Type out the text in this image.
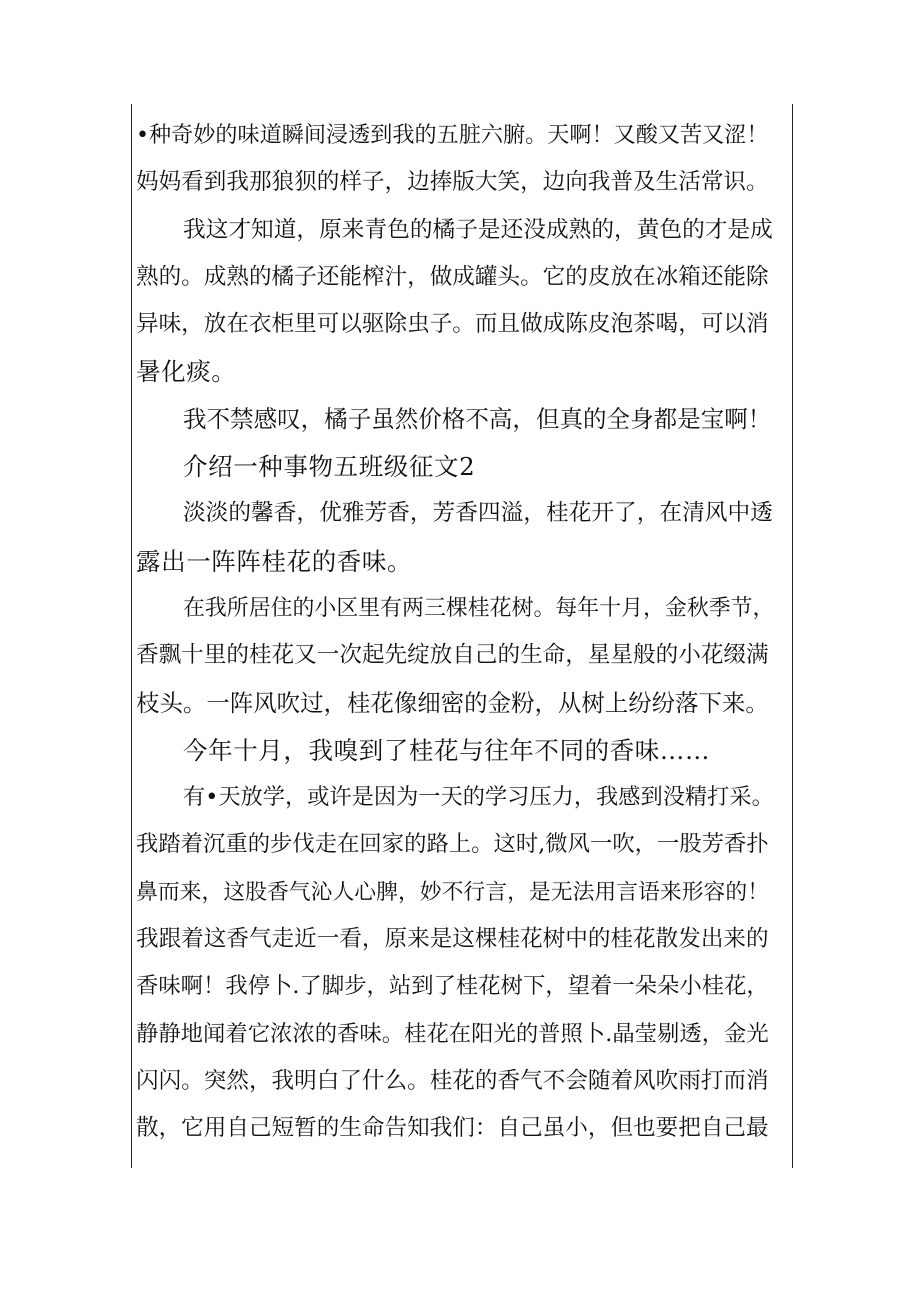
•种奇妙的味道瞬间浸透到我的五脏六腑。天啊！又酸又苦又涩！
妈妈看到我那狼狈的样子，边捧版大笑，边向我普及生活常识。
我这才知道，原来青色的橘子是还没成熟的，黄色的才是成
熟的。成熟的橘子还能榨汁，做成罐头。它的皮放在冰箱还能除
异味，放在衣柜里可以驱除虫子。而且做成陈皮泡茶喝，可以消
暑化痰。
我不禁感叹，橘子虽然价格不高，但真的全身都是宝啊！
介绍一种事物五班级征文2
淡淡的馨香，优雅芳香，芳香四溢，桂花开了，在清风中透
露出一阵阵桂花的香味。
在我所居住的小区里有两三棵桂花树。每年十月，金秋季节，
香飘十里的桂花又一次起先绽放自己的生命，星星般的小花缀满
枝头。一阵风吹过，桂花像细密的金粉，从树上纷纷落下来。
今年十月，我嗅到了桂花与往年不同的香味……
有•天放学，或许是因为一天的学习压力，我感到没精打采。
我踏着沉重的步伐走在回家的路上。这时,微风一吹，一股芳香扑
鼻而来，这股香气沁人心脾，妙不行言，是无法用言语来形容的！
我跟着这香气走近一看，原来是这棵桂花树中的桂花散发出来的
香味啊！我停卜.了脚步，站到了桂花树下，望着一朵朵小桂花，
静静地闻着它浓浓的香味。桂花在阳光的普照卜.晶莹剔透，金光
闪闪。突然，我明白了什么。桂花的香气不会随着风吹雨打而消
散，它用自己短暂的生命告知我们：自己虽小，但也要把自己最
